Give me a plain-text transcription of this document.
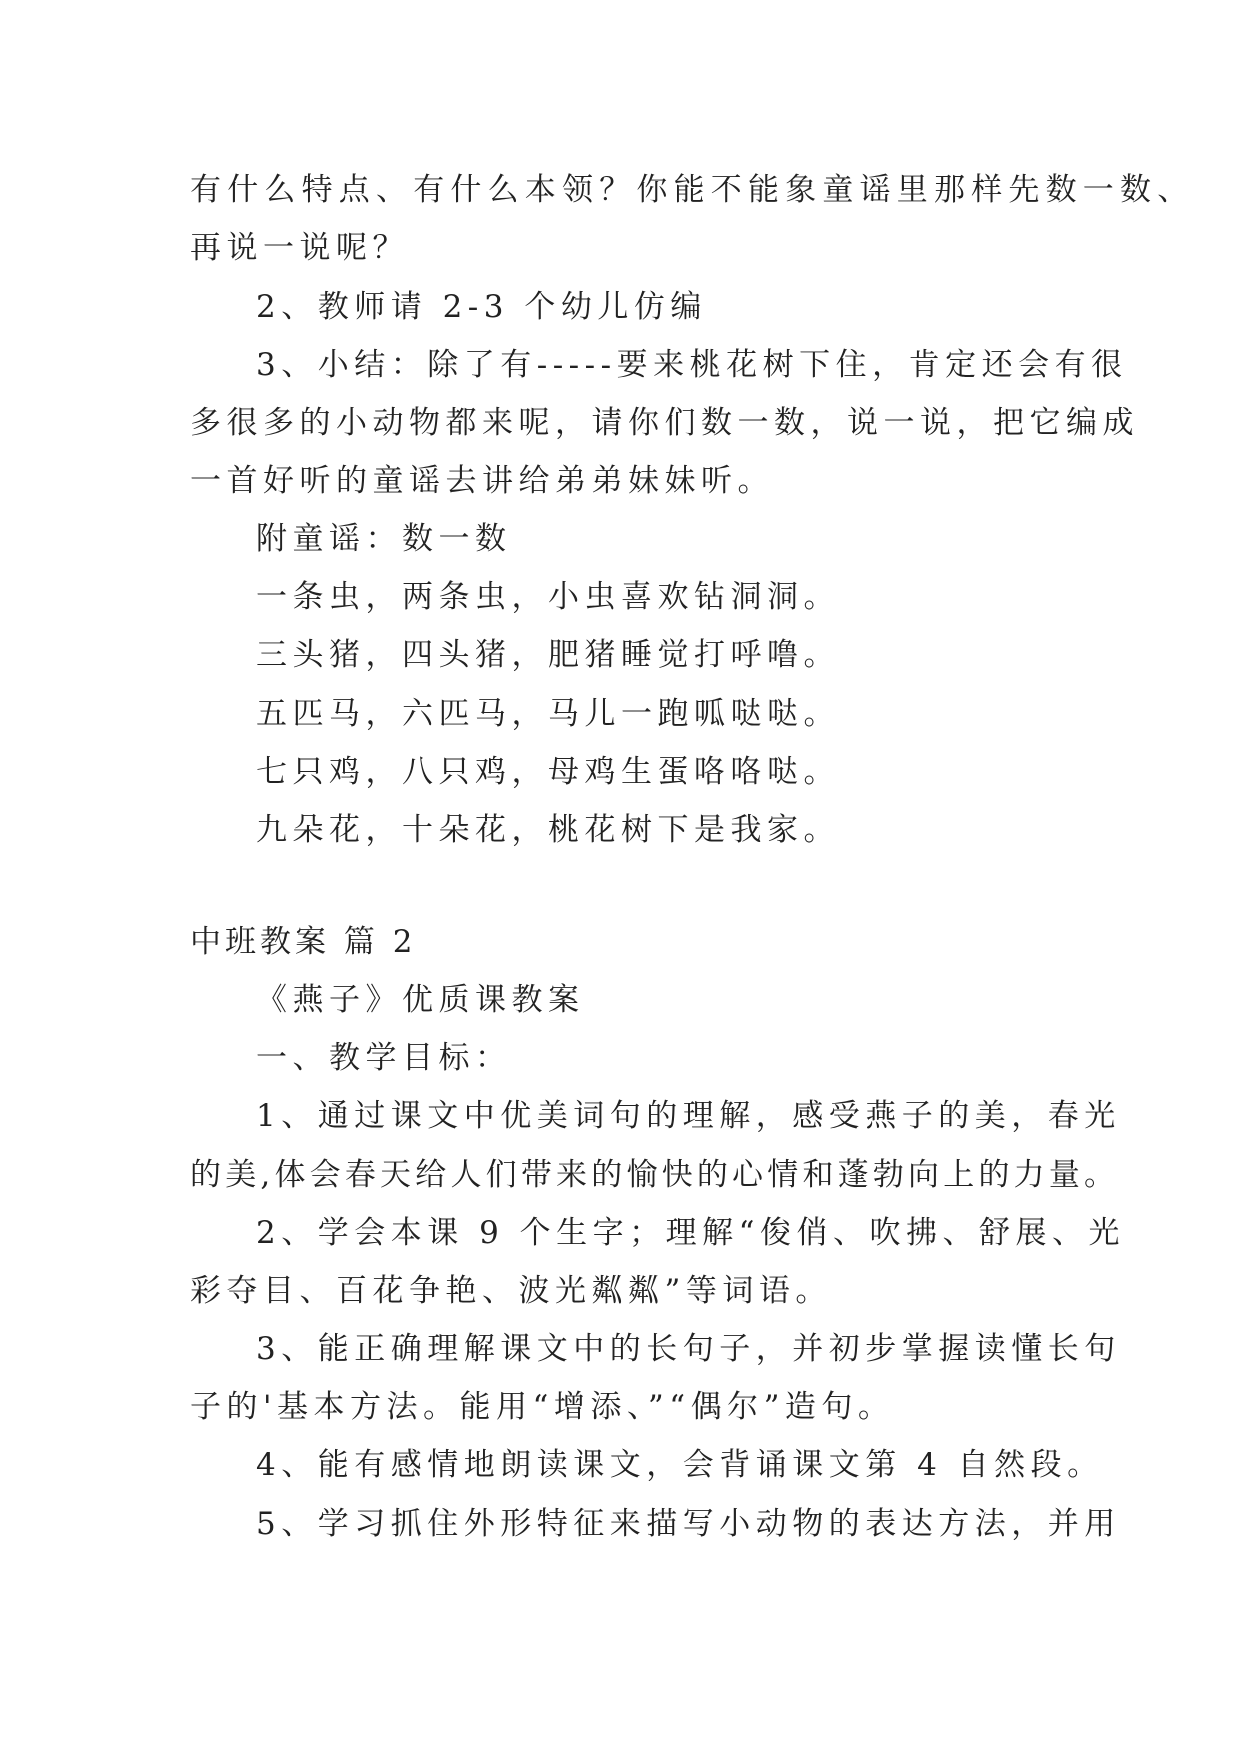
有什么特点、有什么本领？你能不能象童谣里那样先数一数、
再说一说呢？
2、教师请 2-3 个幼儿仿编
3、小结：除了有-----要来桃花树下住，肯定还会有很
多很多的小动物都来呢，请你们数一数，说一说，把它编成
一首好听的童谣去讲给弟弟妹妹听。
附童谣：数一数
一条虫，两条虫，小虫喜欢钻洞洞。
三头猪，四头猪，肥猪睡觉打呼噜。
五匹马，六匹马，马儿一跑呱哒哒。
七只鸡，八只鸡，母鸡生蛋咯咯哒。
九朵花，十朵花，桃花树下是我家。
中班教案 篇 2
《燕子》优质课教案
一、教学目标：
1、通过课文中优美词句的理解，感受燕子的美，春光
的美,体会春天给人们带来的愉快的心情和蓬勃向上的力量。
2、学会本课 9 个生字；理解“俊俏、吹拂、舒展、光
彩夺目、百花争艳、波光粼粼”等词语。
3、能正确理解课文中的长句子，并初步掌握读懂长句
子的'基本方法。能用“增添、”“偶尔”造句。
4、能有感情地朗读课文，会背诵课文第 4 自然段。
5、学习抓住外形特征来描写小动物的表达方法，并用
